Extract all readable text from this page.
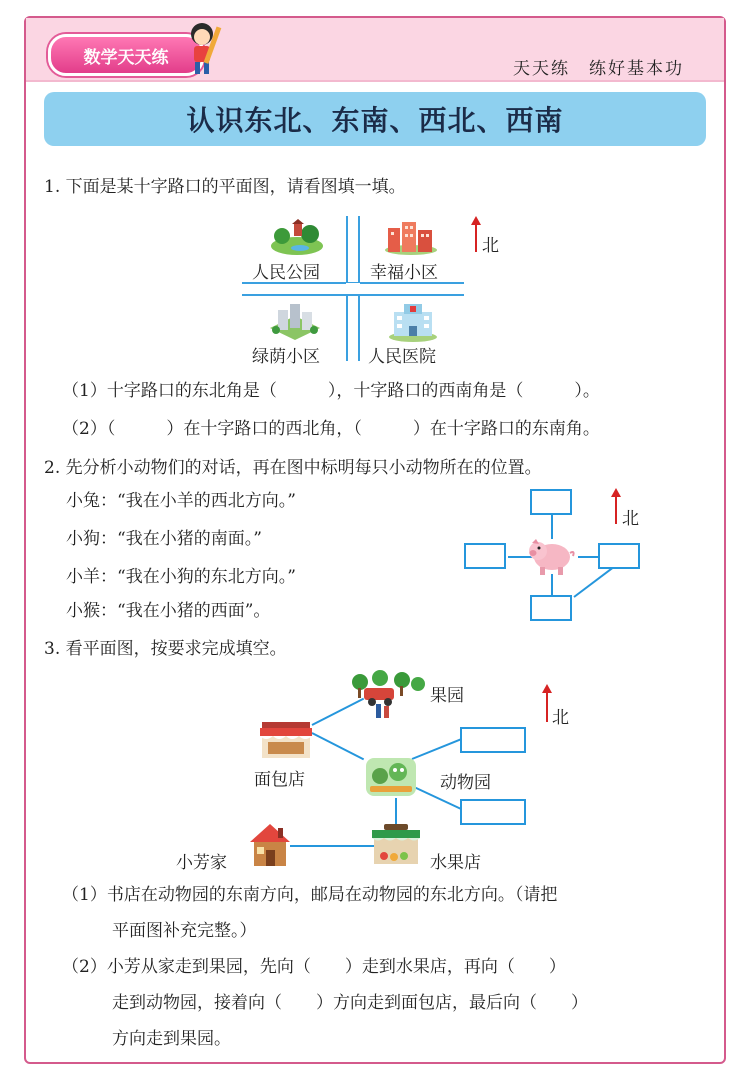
数学天天练
天天练　练好基本功
认识东北、东南、西北、西南
1. 下面是某十字路口的平面图，请看图填一填。
人民公园	幸福小区
北
绿荫小区	人民医院
（1）十字路口的东北角是（　　　），十字路口的西南角是（　　　）。
（2）（　　　）在十字路口的西北角，（　　　）在十字路口的东南角。
2. 先分析小动物们的对话，再在图中标明每只小动物所在的位置。
小兔：“我在小羊的西北方向。”
小狗：“我在小猪的南面。”
小羊：“我在小狗的东北方向。”
小猴：“我在小猪的西面”。
北
3. 看平面图，按要求完成填空。
果园
北
面包店	动物园
小芳家	水果店
（1）书店在动物园的东南方向，邮局在动物园的东北方向。（请把
平面图补充完整。）
（2）小芳从家走到果园，先向（　　）走到水果店，再向（　　）
走到动物园，接着向（　　）方向走到面包店，最后向（　　）
方向走到果园。
